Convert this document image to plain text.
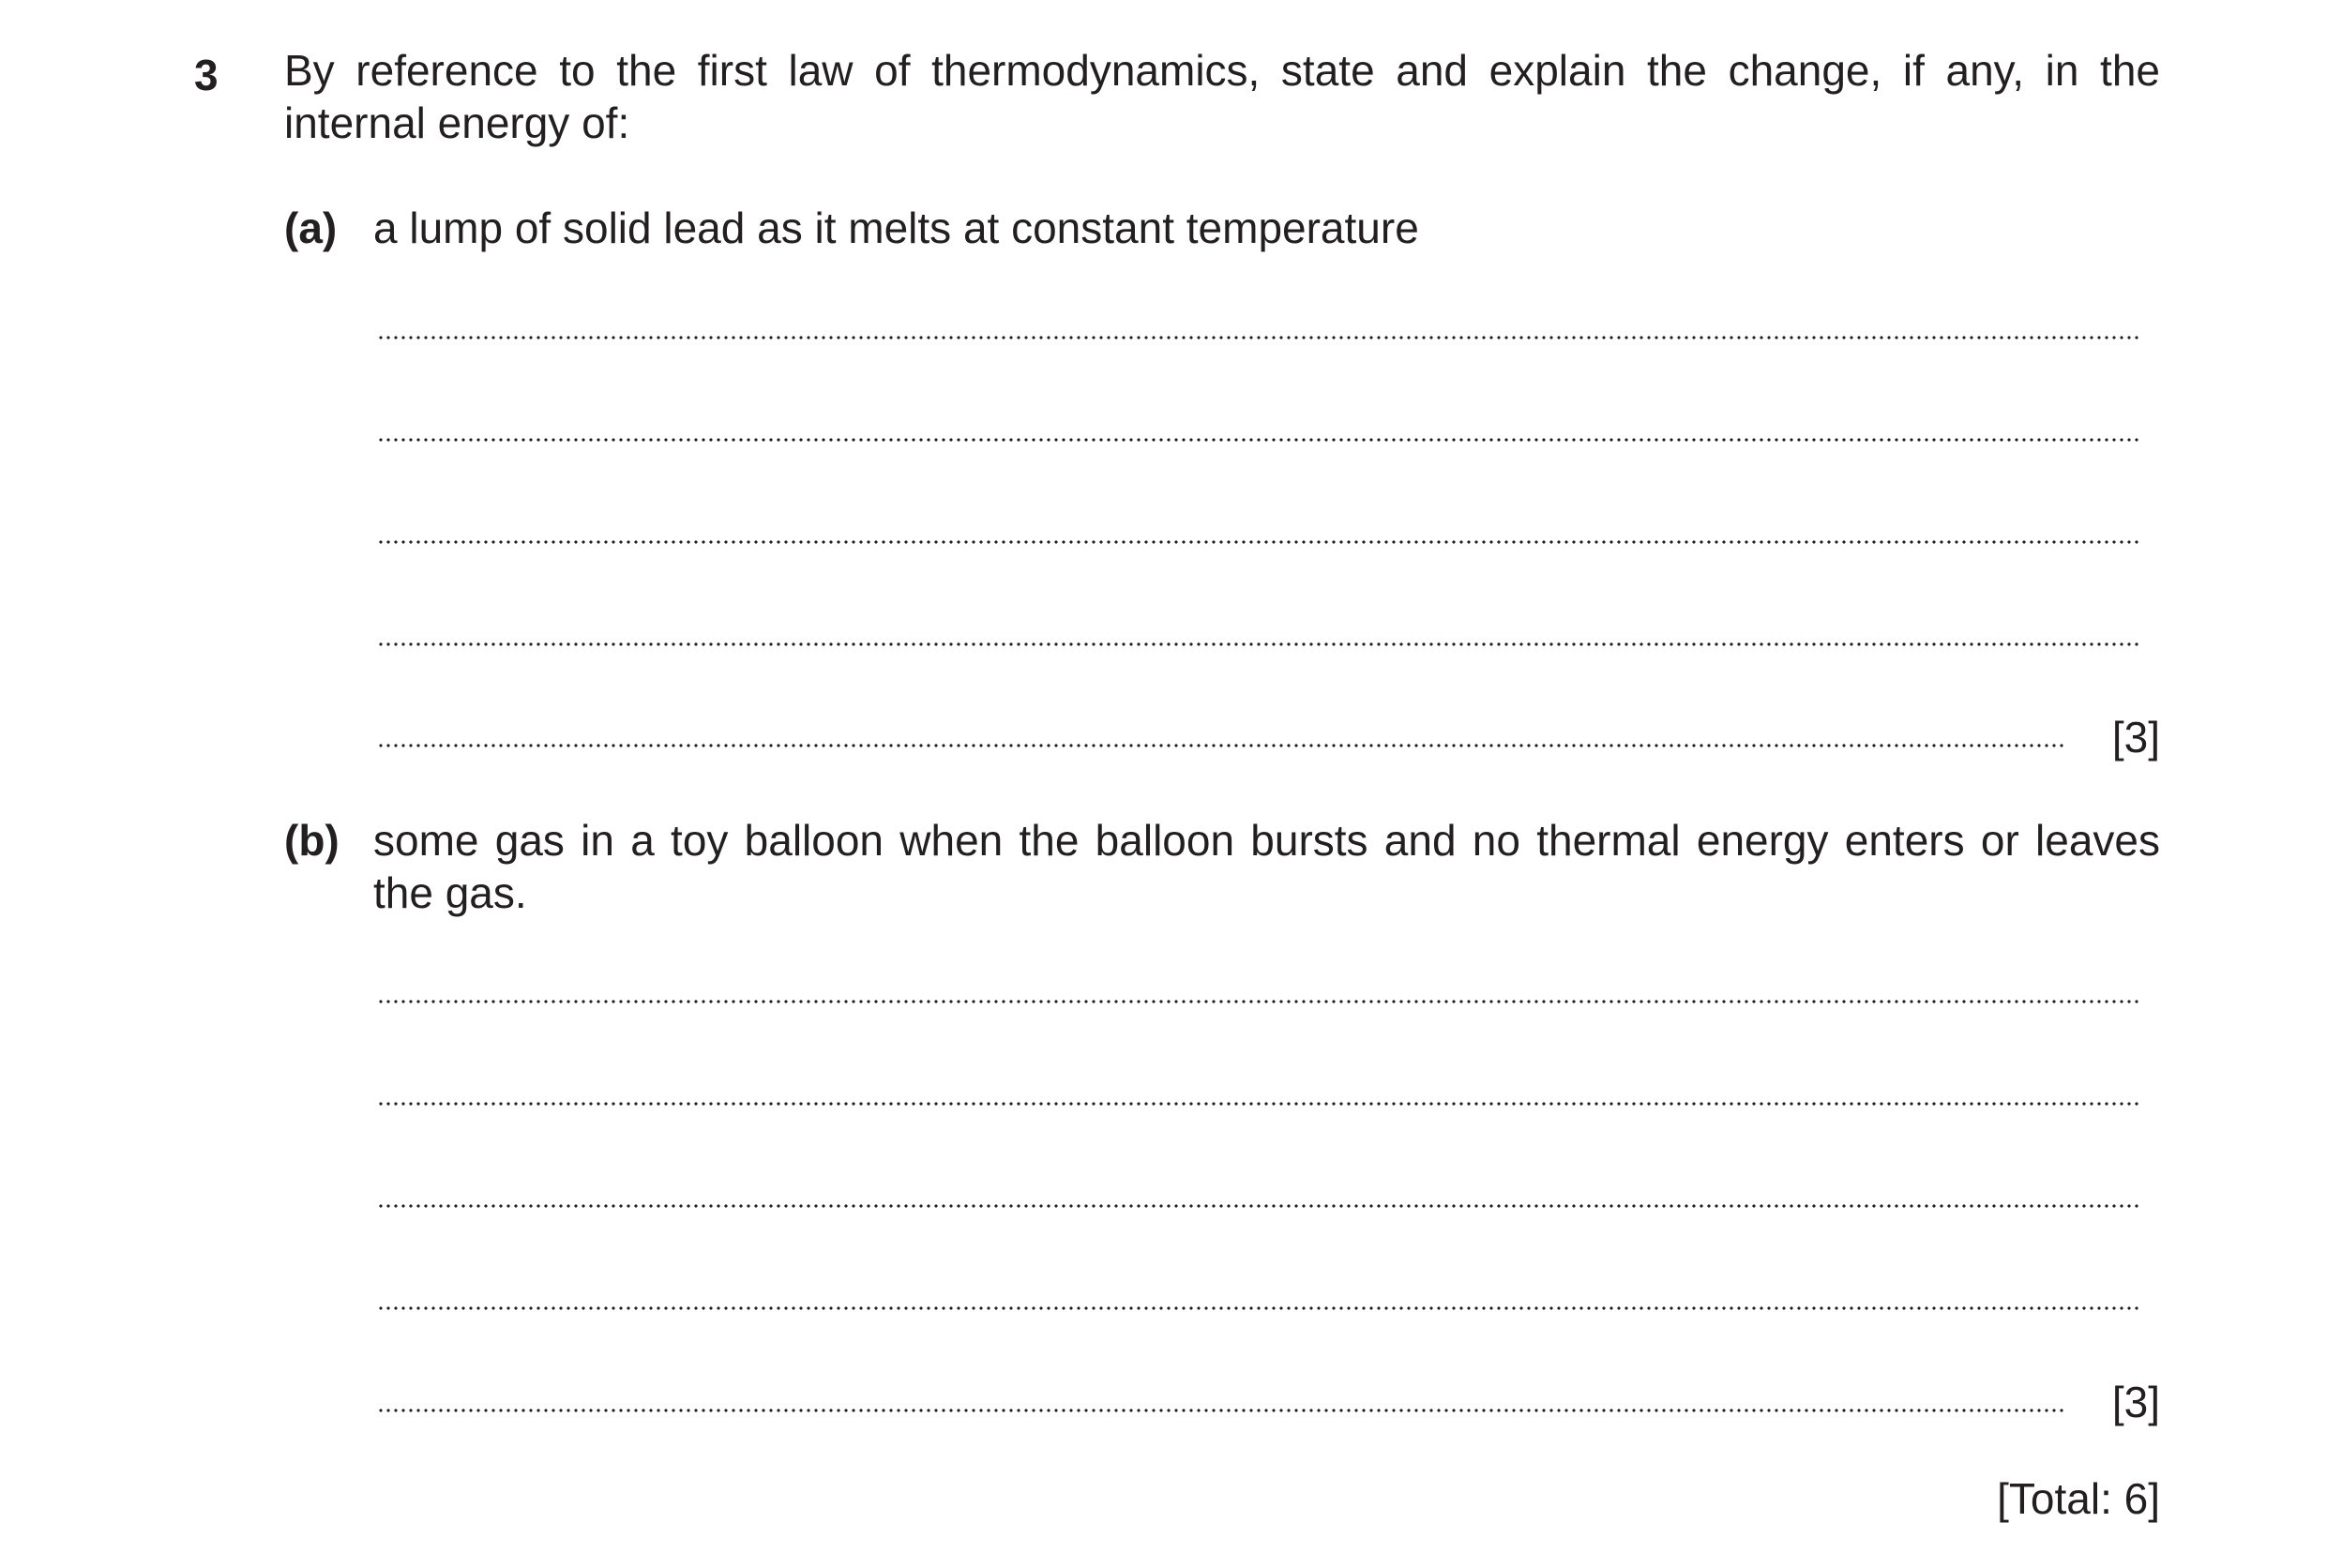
3 By reference to the first law of thermodynamics, state and explain the change, if any, in the internal energy of:
(a) a lump of solid lead as it melts at constant temperature
[3]
(b) some gas in a toy balloon when the balloon bursts and no thermal energy enters or leaves the gas.
[3]
[Total: 6]
